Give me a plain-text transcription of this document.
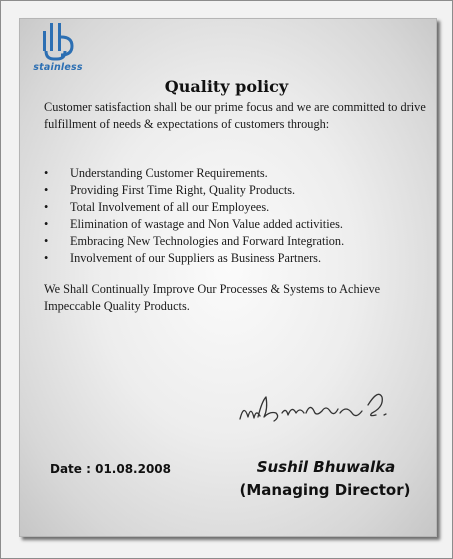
stainless
Quality policy
Customer satisfaction shall be our prime focus and we are committed to drive fulfillment of needs & expectations of customers through:
• Understanding Customer Requirements.
• Providing First Time Right, Quality Products.
• Total Involvement of all our Employees.
• Elimination of wastage and Non Value added activities.
• Embracing New Technologies and Forward Integration.
• Involvement of our Suppliers as Business Partners.
We Shall Continually Improve Our Processes & Systems to Achieve Impeccable Quality Products.
Date : 01.08.2008	Sushil Bhuwalka
(Managing Director)
